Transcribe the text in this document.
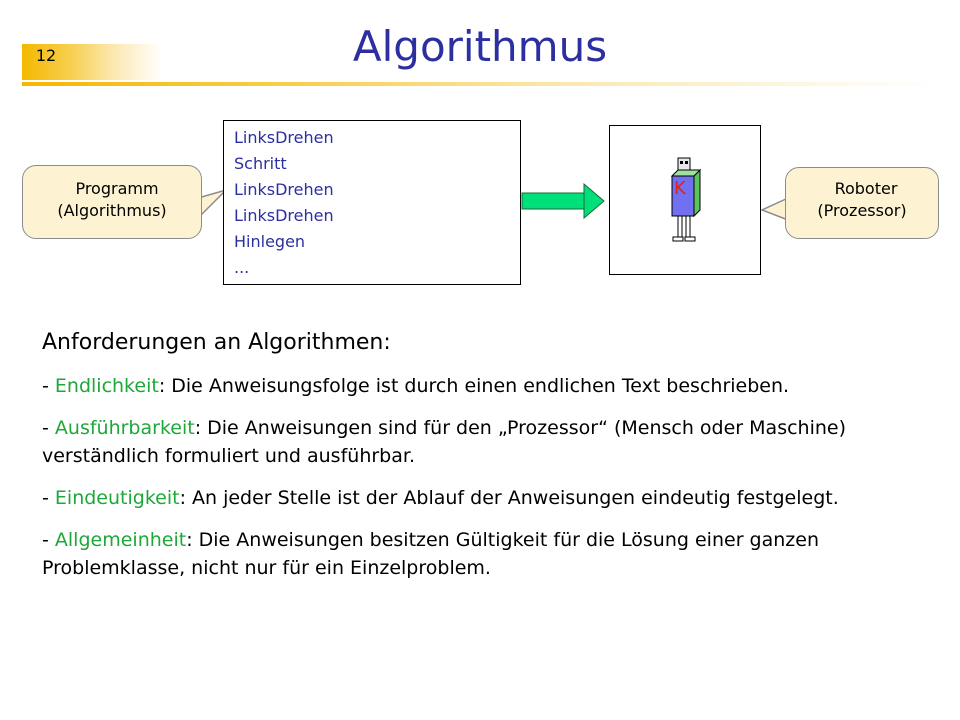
12	Algorithmus
Programm
(Algorithmus)
LinksDrehen
Schritt
LinksDrehen
LinksDrehen
Hinlegen
...
K	Roboter
(Prozessor)
Anforderungen an Algorithmen:
- Endlichkeit: Die Anweisungsfolge ist durch einen endlichen Text beschrieben.
- Ausführbarkeit: Die Anweisungen sind für den „Prozessor“ (Mensch oder Maschine) verständlich formuliert und ausführbar.
- Eindeutigkeit: An jeder Stelle ist der Ablauf der Anweisungen eindeutig festgelegt.
- Allgemeinheit: Die Anweisungen besitzen Gültigkeit für die Lösung einer ganzen Problemklasse, nicht nur für ein Einzelproblem.
